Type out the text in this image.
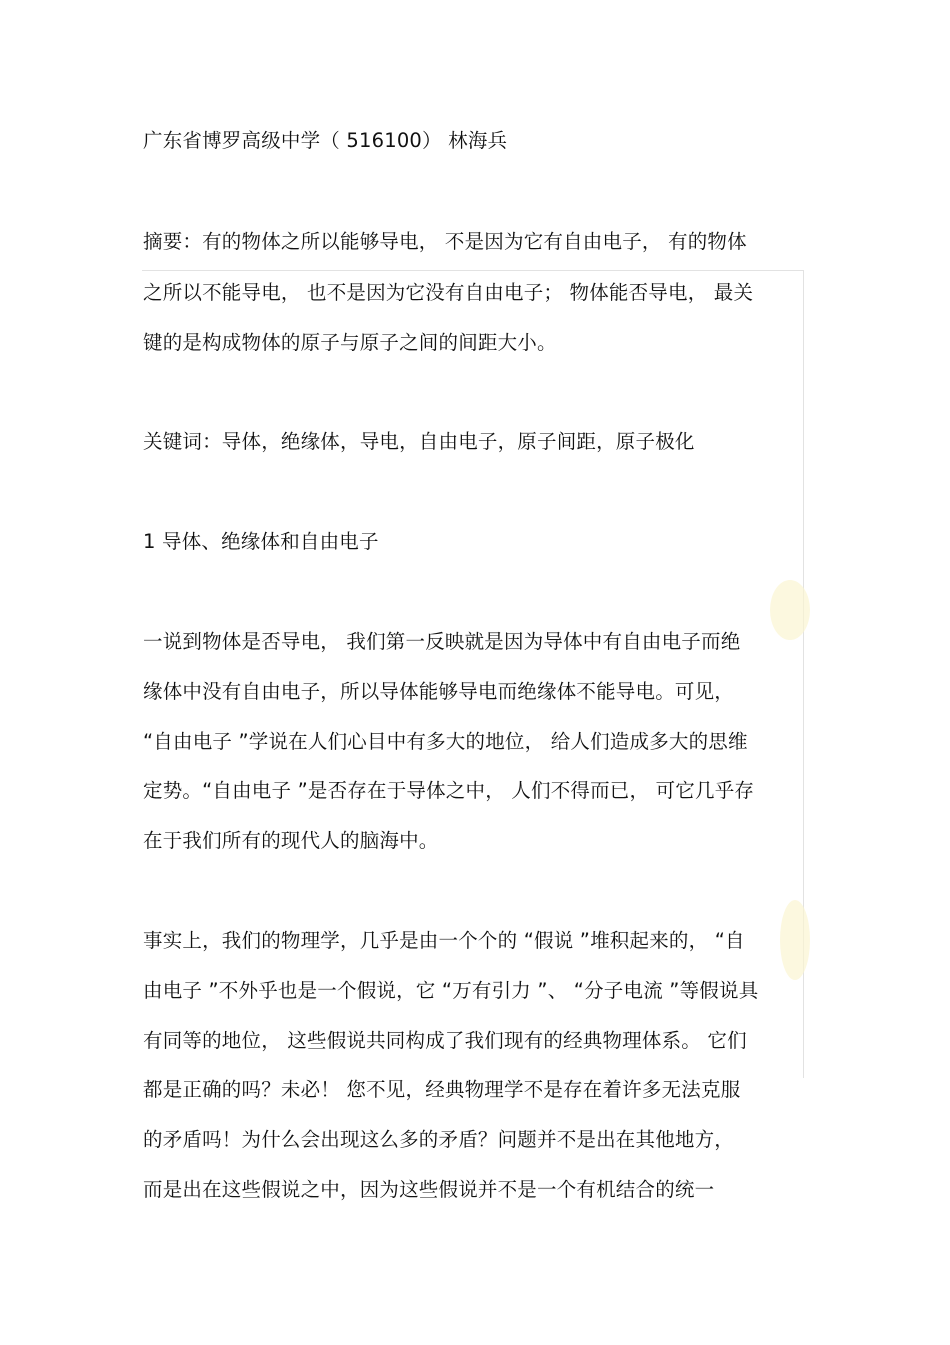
广东省博罗高级中学（ 516100） 林海兵
摘要：有的物体之所以能够导电， 不是因为它有自由电子， 有的物体
之所以不能导电， 也不是因为它没有自由电子； 物体能否导电， 最关
键的是构成物体的原子与原子之间的间距大小。
关键词：导体，绝缘体，导电，自由电子，原子间距，原子极化
1 导体、绝缘体和自由电子
一说到物体是否导电， 我们第一反映就是因为导体中有自由电子而绝
缘体中没有自由电子，所以导体能够导电而绝缘体不能导电。可见，
“自由电子 ”学说在人们心目中有多大的地位， 给人们造成多大的思维
定势。“自由电子 ”是否存在于导体之中， 人们不得而已， 可它几乎存
在于我们所有的现代人的脑海中。
事实上，我们的物理学，几乎是由一个个的 “假说 ”堆积起来的， “自
由电子 ”不外乎也是一个假说，它 “万有引力 ”、 “分子电流 ”等假说具
有同等的地位， 这些假说共同构成了我们现有的经典物理体系。 它们
都是正确的吗？未必！ 您不见，经典物理学不是存在着许多无法克服
的矛盾吗！为什么会出现这么多的矛盾？问题并不是出在其他地方，
而是出在这些假说之中，因为这些假说并不是一个有机结合的统一
